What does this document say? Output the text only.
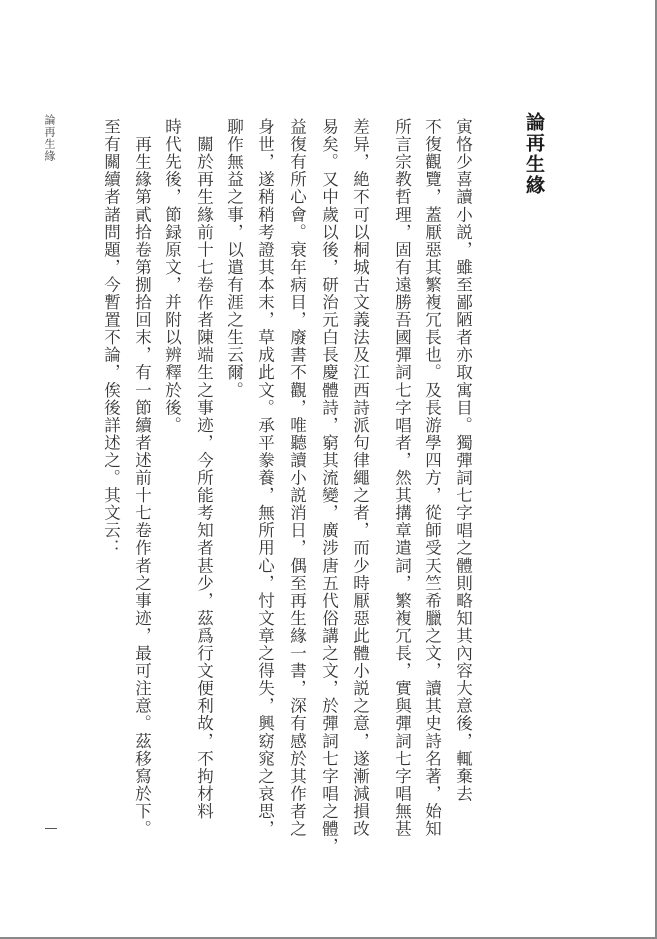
論再生緣
寅恪少喜讀小説，雖至鄙陋者亦取寓目。獨彈詞七字唱之體則略知其內容大意後，輒棄去
不復觀覽，蓋厭惡其繁複冗長也。及長游學四方，從師受天竺希臘之文，讀其史詩名著，始知
所言宗教哲理，固有遠勝吾國彈詞七字唱者，然其搆章遣詞，繁複冗長，實與彈詞七字唱無甚
差异，絶不可以桐城古文義法及江西詩派句律繩之者，而少時厭惡此體小説之意，遂漸減損改
易矣。又中歲以後，研治元白長慶體詩，窮其流變，廣涉唐五代俗講之文，於彈詞七字唱之體，
益復有所心會。衰年病目，廢書不觀，唯聽讀小説消日，偶至再生緣一書，深有感於其作者之
身世，遂稍稍考證其本末，草成此文。承平豢養，無所用心，忖文章之得失，興窈窕之哀思，
聊作無益之事，以遣有涯之生云爾。
　關於再生緣前十七卷作者陳端生之事迹，今所能考知者甚少，茲爲行文便利故，不拘材料
時代先後，節録原文，并附以辨釋於後。
　再生緣第貳拾卷第捌拾回末，有一節續者述前十七卷作者之事迹，最可注意。茲移寫於下。
至有關續者諸問題，今暫置不論，俟後詳述之。其文云：
論再生緣
